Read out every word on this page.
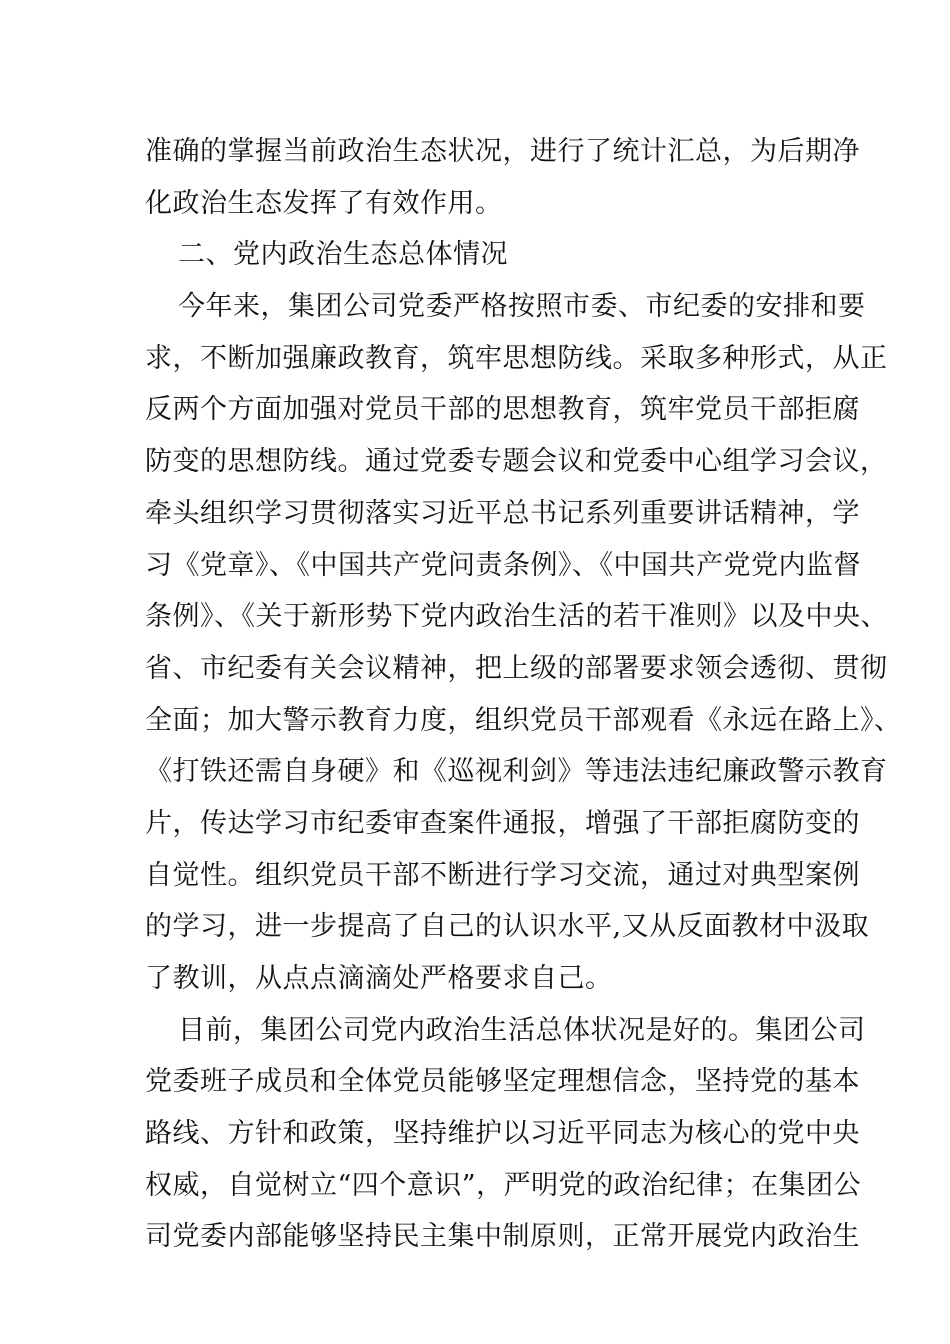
准确的掌握当前政治生态状况，进行了统计汇总，为后期净
化政治生态发挥了有效作用。
二、党内政治生态总体情况
今年来，集团公司党委严格按照市委、市纪委的安排和要
求，不断加强廉政教育，筑牢思想防线。采取多种形式，从正
反两个方面加强对党员干部的思想教育，筑牢党员干部拒腐
防变的思想防线。通过党委专题会议和党委中心组学习会议，
牵头组织学习贯彻落实习近平总书记系列重要讲话精神，学
习《党章》、《中国共产党问责条例》、《中国共产党党内监督
条例》、《关于新形势下党内政治生活的若干准则》以及中央、
省、市纪委有关会议精神，把上级的部署要求领会透彻、贯彻
全面；加大警示教育力度，组织党员干部观看《永远在路上》、
《打铁还需自身硬》和《巡视利剑》等违法违纪廉政警示教育
片，传达学习市纪委审查案件通报，增强了干部拒腐防变的
自觉性。组织党员干部不断进行学习交流，通过对典型案例
的学习，进一步提高了自己的认识水平,又从反面教材中汲取
了教训，从点点滴滴处严格要求自己。
目前，集团公司党内政治生活总体状况是好的。集团公司
党委班子成员和全体党员能够坚定理想信念，坚持党的基本
路线、方针和政策，坚持维护以习近平同志为核心的党中央
权威，自觉树立“四个意识”，严明党的政治纪律；在集团公
司党委内部能够坚持民主集中制原则，正常开展党内政治生
